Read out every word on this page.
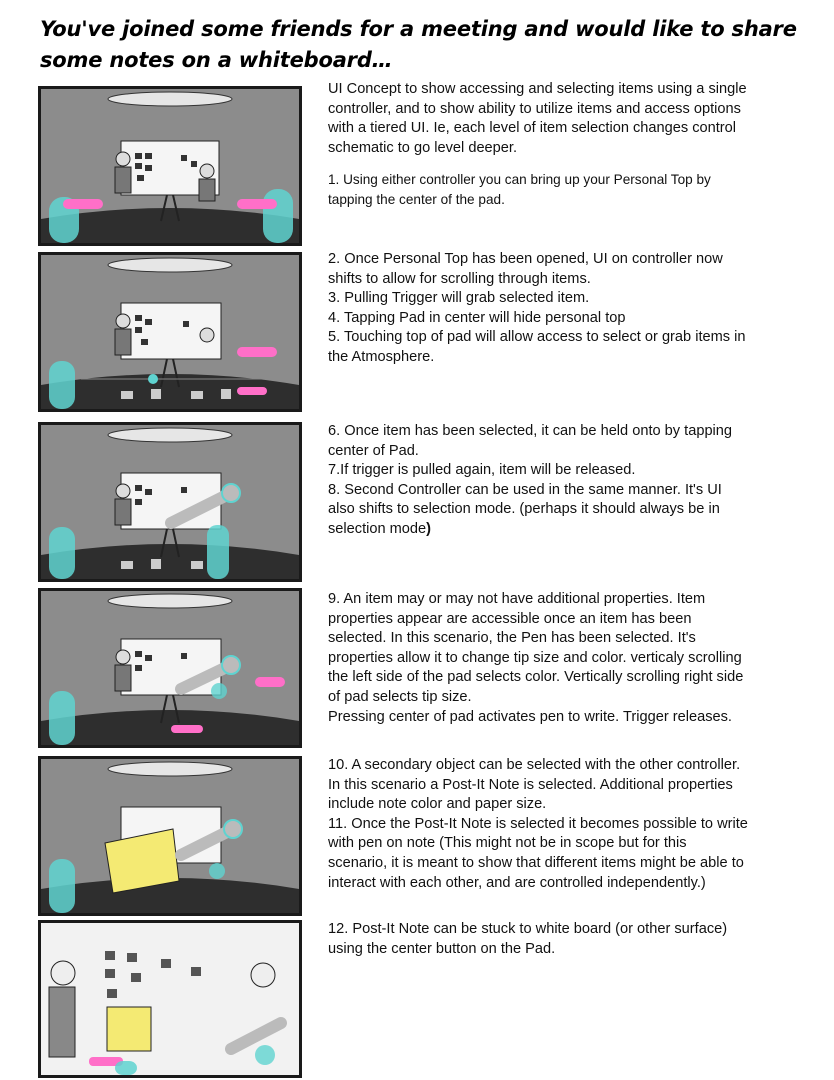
You've joined some friends for a meeting and would like to share some notes on a whiteboard…

UI Concept to show accessing and selecting items using a single controller, and to show ability to utilize items and access options with a tiered UI. Ie, each level of item selection changes control schematic to go level deeper.

1. Using either controller you can bring up your Personal Top by tapping the center of the pad.

2. Once Personal Top has been opened, UI on controller now shifts to allow for scrolling through items.

3. Pulling Trigger will grab selected item.

4. Tapping Pad in center will hide personal top

5. Touching top of pad will allow access to select or grab items in the Atmosphere.

6. Once item has been selected, it can be held onto by tapping center of Pad.

7.If trigger is pulled again, item will be released.

8. Second Controller can be used in the same manner. It's UI also shifts to selection mode. (perhaps it should always be in selection mode)

9. An item may or may not have additional properties. Item properties appear are accessible once an item has been selected. In this scenario, the Pen has been selected. It's properties allow it to change tip size and color. verticaly scrolling the left side of the pad selects color. Vertically scrolling right side of pad selects tip size.

Pressing center of pad activates pen to write. Trigger releases.

10. A secondary object can be selected with the other controller. In this scenario a Post-It Note is selected. Additional properties include note color and paper size.

11. Once the Post-It Note is selected it becomes possible to write with pen on note (This might not be in scope but for this scenario, it is meant to show that different items might be able to interact with each other, and are controlled independently.)

12. Post-It Note can be stuck to white board (or other surface) using the center button on the Pad.
